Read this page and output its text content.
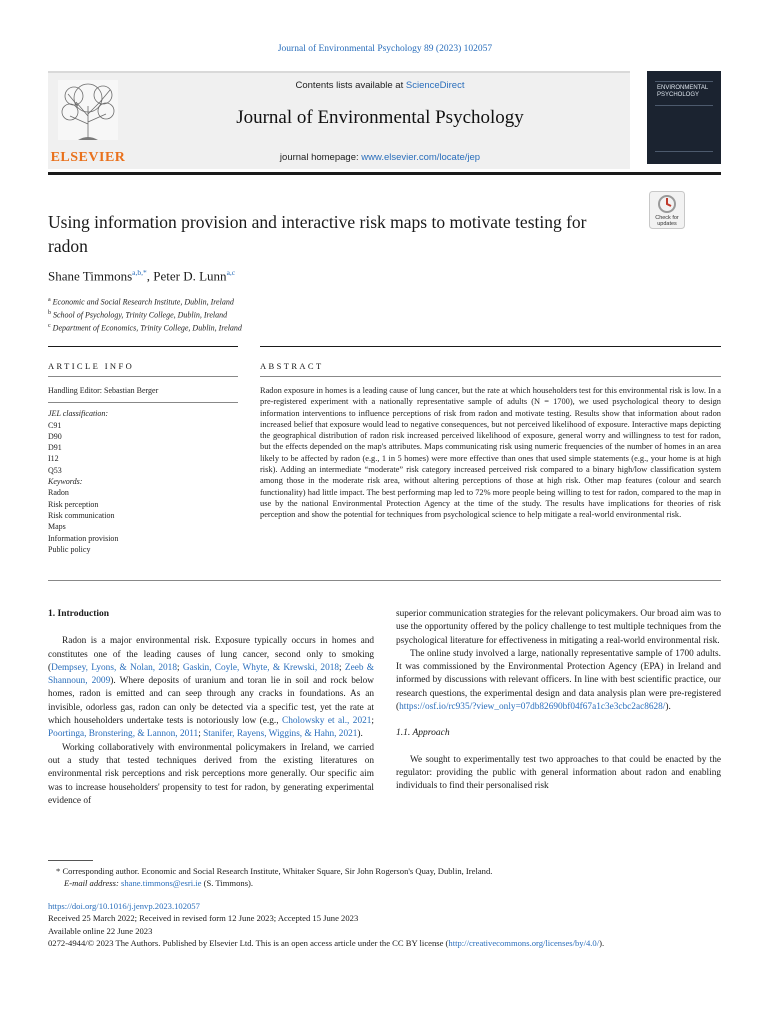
Journal of Environmental Psychology 89 (2023) 102057
ELSEVIER
Contents lists available at ScienceDirect
Journal of Environmental Psychology
journal homepage: www.elsevier.com/locate/jep
ENVIRONMENTAL
PSYCHOLOGY
Using information provision and interactive risk maps to motivate testing for radon
Check for
updates
Shane Timmons$^{a,b,*}$, Peter D. Lunn$^{a,c}$
$^a$ Economic and Social Research Institute, Dublin, Ireland
$^b$ School of Psychology, Trinity College, Dublin, Ireland
$^c$ Department of Economics, Trinity College, Dublin, Ireland
ARTICLE INFO	ABSTRACT
Handling Editor: Sebastian Berger
JEL classification:
C91
D90
D91
I12
Q53
Keywords:
Radon
Risk perception
Risk communication
Maps
Information provision
Public policy
Radon exposure in homes is a leading cause of lung cancer, but the rate at which householders test for this environmental risk is low. In a pre-registered experiment with a nationally representative sample of adults (N = 1700), we used psychological theory to design information interventions to influence perceptions of risk from radon and motivate testing. Results show that information about radon increased belief that exposure would lead to negative consequences, but not perceived likelihood of exposure. Interactive maps depicting the geographical distribution of radon risk increased perceived likelihood of exposure, general worry and willingness to test for radon, but the effects depended on the map's attributes. Maps communicating risk using numeric frequencies of the number of homes in an area likely to be affected by radon (e.g., 1 in 5 homes) were more effective than ones that used simple statements (e.g., your home is at high risk). Adding an intermediate “moderate” risk category increased perceived risk compared to a binary high/low classification system among those in the moderate risk area, without altering perceptions of those at high risk. Other map features (colour and search functionality) had little impact. The best performing map led to 72% more people being willing to test for radon, compared to the map in use by the national Environmental Protection Agency at the time of the study. The results have implications for theories of risk perception and show the potential for techniques from psychological science to help mitigate a real-world environmental risk.
1. Introduction

Radon is a major environmental risk. Exposure typically occurs in homes and constitutes one of the leading causes of lung cancer, second only to smoking (Dempsey, Lyons, & Nolan, 2018; Gaskin, Coyle, Whyte, & Krewski, 2018; Zeeb & Shannoun, 2009). Where deposits of uranium and toran lie in soil and rock below homes, radon is emitted and can seep through any cracks in foundations. As an invisible, odorless gas, radon can only be detected via a specific test, yet the rate at which householders undertake tests is notoriously low (e.g., Cholowsky et al., 2021; Poortinga, Bronstering, & Lannon, 2011; Stanifer, Rayens, Wiggins, & Hahn, 2021).

Working collaboratively with environmental policymakers in Ireland, we carried out a study that tested techniques derived from the existing literatures on environmental risk perceptions and risk perceptions more generally. Our specific aim was to increase householders' propensity to test for radon, by generating experimental evidence of

superior communication strategies for the relevant policymakers. Our broad aim was to use the opportunity offered by the policy challenge to test multiple techniques from the psychological literature for effectiveness in mitigating a real-world environmental risk.

The online study involved a large, nationally representative sample of 1700 adults. It was commissioned by the Environmental Protection Agency (EPA) in Ireland and informed by discussions with relevant officers. In line with best scientific practice, our research questions, the experimental design and data analysis plan were pre-registered (https://osf.io/rc935/?view_only=07db82690bf04f67a1c3e3cbc2ac8628/).

1.1. Approach

We sought to experimentally test two approaches to that could be enacted by the regulator: providing the public with general information about radon and enabling individuals to find their personalised risk

* Corresponding author. Economic and Social Research Institute, Whitaker Square, Sir John Rogerson's Quay, Dublin, Ireland.
E-mail address: shane.timmons@esri.ie (S. Timmons).
https://doi.org/10.1016/j.jenvp.2023.102057
Received 25 March 2022; Received in revised form 12 June 2023; Accepted 15 June 2023
Available online 22 June 2023
0272-4944/© 2023 The Authors. Published by Elsevier Ltd. This is an open access article under the CC BY license (http://creativecommons.org/licenses/by/4.0/).
